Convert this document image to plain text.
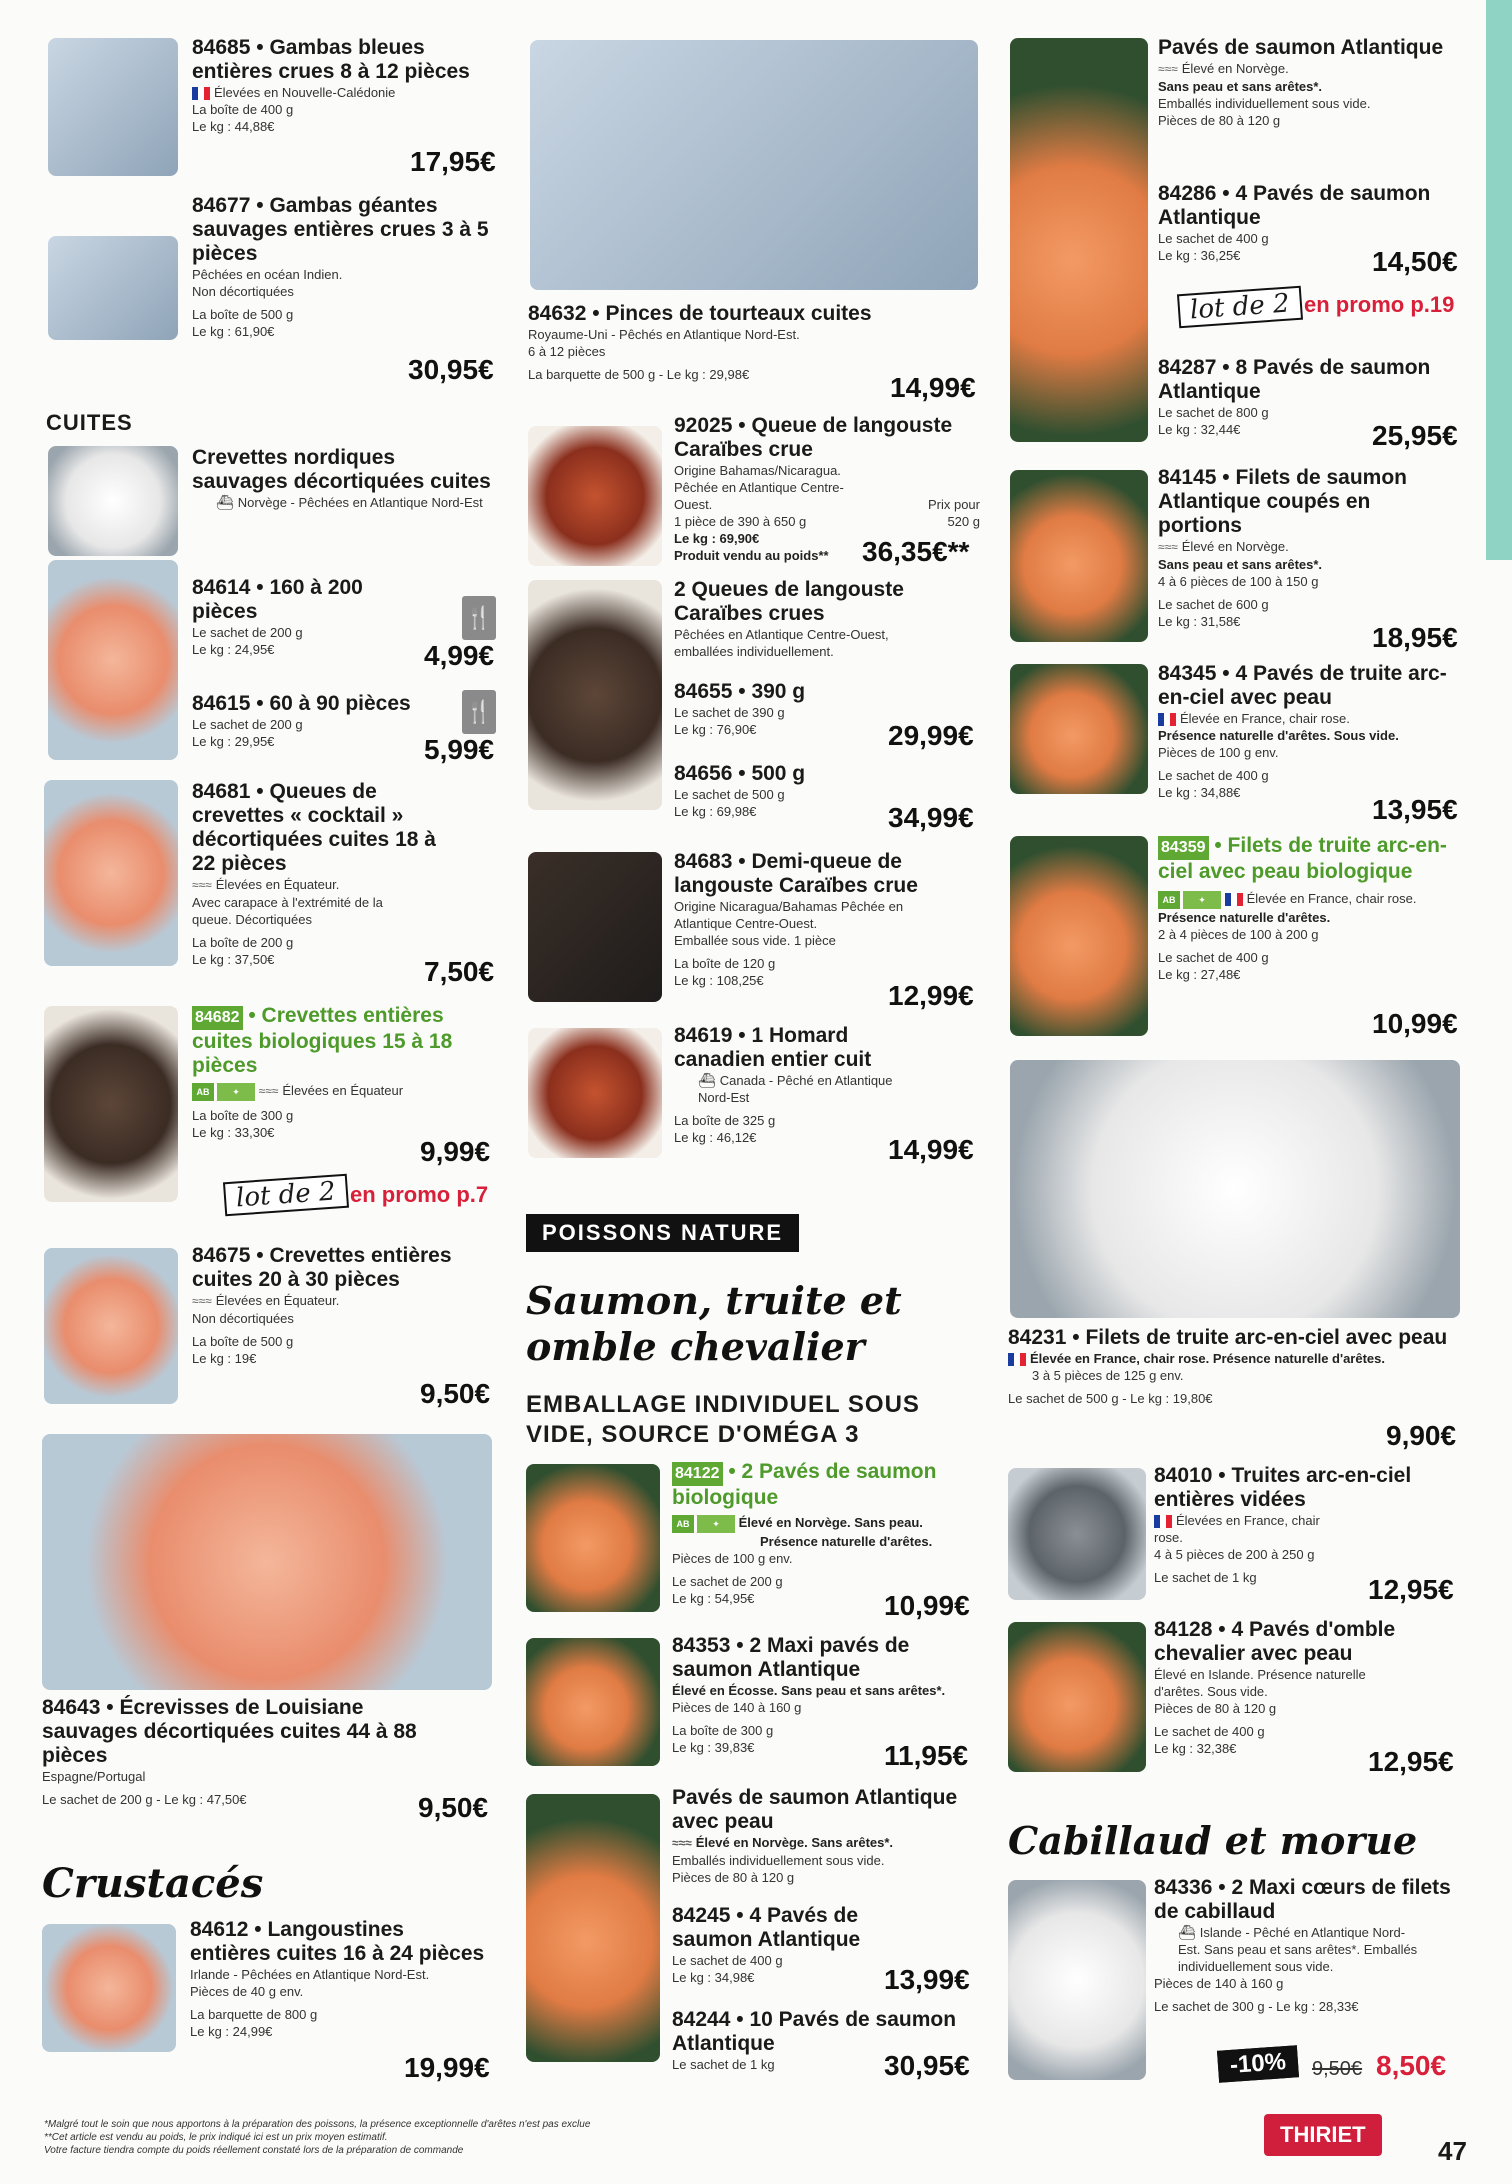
84685 • Gambas bleues entières crues 8 à 12 pièces
Élevées en Nouvelle-Calédonie
La boîte de 400 g
Le kg : 44,88€
17,95€
84677 • Gambas géantes sauvages entières crues 3 à 5 pièces
Pêchées en océan Indien.
Non décortiquées
La boîte de 500 g
Le kg : 61,90€
30,95€
CUITES
Crevettes nordiques sauvages décortiquées cuites
⛴ Norvège - Pêchées en Atlantique Nord-Est
84614 • 160 à 200 pièces
Le sachet de 200 g
Le kg : 24,95€
🍴
4,99€
84615 • 60 à 90 pièces
Le sachet de 200 g
Le kg : 29,95€
🍴
5,99€
84681 • Queues de crevettes « cocktail » décortiquées cuites 18 à 22 pièces
≈≈≈ Élevées en Équateur.
Avec carapace à l'extrémité de la queue. Décortiquées
La boîte de 200 g
Le kg : 37,50€	7,50€
84682 • Crevettes entières cuites biologiques 15 à 18 pièces
AB	✦ ≈≈≈ Élevées en Équateur
La boîte de 300 g
Le kg : 33,30€
9,99€
lot de 2 en promo p.7
84675 • Crevettes entières cuites 20 à 30 pièces
≈≈≈ Élevées en Équateur.
Non décortiquées
La boîte de 500 g
Le kg : 19€
9,50€
84643 • Écrevisses de Louisiane sauvages décortiquées cuites 44 à 88 pièces
Espagne/Portugal
Le sachet de 200 g - Le kg : 47,50€	9,50€
Crustacés
84612 • Langoustines entières cuites 16 à 24 pièces
Irlande - Pêchées en Atlantique Nord-Est.
Pièces de 40 g env.
La barquette de 800 g
Le kg : 24,99€
19,99€
84632 • Pinces de tourteaux cuites
Royaume-Uni - Pêchés en Atlantique Nord-Est.
6 à 12 pièces
La barquette de 500 g - Le kg : 29,98€	14,99€
92025 • Queue de langouste Caraïbes crue
Origine Bahamas/Nicaragua. Pêchée en Atlantique Centre-Ouest.
1 pièce de 390 à 650 g
Le kg : 69,90€
Produit vendu au poids**
Prix pour 520 g
36,35€**
2 Queues de langouste Caraïbes crues
Pêchées en Atlantique Centre-Ouest, emballées individuellement.
84655 • 390 g
Le sachet de 390 g
Le kg : 76,90€	29,99€
84656 • 500 g
Le sachet de 500 g
Le kg : 69,98€	34,99€
84683 • Demi-queue de langouste Caraïbes crue
Origine Nicaragua/Bahamas Pêchée en Atlantique Centre-Ouest.
Emballée sous vide. 1 pièce
La boîte de 120 g
Le kg : 108,25€	12,99€
84619 • 1 Homard canadien entier cuit
⛴ Canada - Pêché en Atlantique Nord-Est
La boîte de 325 g
Le kg : 46,12€	14,99€
POISSONS NATURE
Saumon, truite et omble chevalier
EMBALLAGE INDIVIDUEL SOUS VIDE, SOURCE D'OMÉGA 3
84122 • 2 Pavés de saumon biologique
AB	✦ Élevé en Norvège. Sans peau.
Présence naturelle d'arêtes.
Pièces de 100 g env.
Le sachet de 200 g
Le kg : 54,95€	10,99€
84353 • 2 Maxi pavés de saumon Atlantique
Élevé en Écosse. Sans peau et sans arêtes*.
Pièces de 140 à 160 g
La boîte de 300 g
Le kg : 39,83€	11,95€
Pavés de saumon Atlantique avec peau
≈≈≈ Élevé en Norvège. Sans arêtes*.
Emballés individuellement sous vide.
Pièces de 80 à 120 g
84245 • 4 Pavés de saumon Atlantique
Le sachet de 400 g
Le kg : 34,98€	13,99€
84244 • 10 Pavés de saumon Atlantique
Le sachet de 1 kg	30,95€
Pavés de saumon Atlantique
≈≈≈ Élevé en Norvège.
Sans peau et sans arêtes*.
Emballés individuellement sous vide. Pièces de 80 à 120 g
84286 • 4 Pavés de saumon Atlantique
Le sachet de 400 g
Le kg : 36,25€	14,50€
lot de 2 en promo p.19
84287 • 8 Pavés de saumon Atlantique
Le sachet de 800 g
Le kg : 32,44€	25,95€
84145 • Filets de saumon Atlantique coupés en portions
≈≈≈ Élevé en Norvège.
Sans peau et sans arêtes*.
4 à 6 pièces de 100 à 150 g
Le sachet de 600 g
Le kg : 31,58€
18,95€
84345 • 4 Pavés de truite arc-en-ciel avec peau
Élevée en France, chair rose.
Présence naturelle d'arêtes. Sous vide.
Pièces de 100 g env.
Le sachet de 400 g
Le kg : 34,88€
13,95€
84359 • Filets de truite arc-en-ciel avec peau biologique
AB	✦	Élevée en France, chair rose.
Présence naturelle d'arêtes.
2 à 4 pièces de 100 à 200 g
Le sachet de 400 g
Le kg : 27,48€
10,99€
84231 • Filets de truite arc-en-ciel avec peau
Élevée en France, chair rose. Présence naturelle d'arêtes.
3 à 5 pièces de 125 g env.
Le sachet de 500 g - Le kg : 19,80€
9,90€
84010 • Truites arc-en-ciel entières vidées
Élevées en France, chair rose.
4 à 5 pièces de 200 à 250 g
Le sachet de 1 kg	12,95€
84128 • 4 Pavés d'omble chevalier avec peau
Élevé en Islande. Présence naturelle d'arêtes. Sous vide.
Pièces de 80 à 120 g
Le sachet de 400 g
Le kg : 32,38€	12,95€
Cabillaud et morue
84336 • 2 Maxi cœurs de filets de cabillaud
⛴ Islande - Pêché en Atlantique Nord-Est. Sans peau et sans arêtes*. Emballés individuellement sous vide.
Pièces de 140 à 160 g
Le sachet de 300 g - Le kg : 28,33€
-10%	9,50€ 8,50€
*Malgré tout le soin que nous apportons à la préparation des poissons, la présence exceptionnelle d'arêtes n'est pas exclue
**Cet article est vendu au poids, le prix indiqué ici est un prix moyen estimatif.
Votre facture tiendra compte du poids réellement constaté lors de la préparation de commande
THIRIET
47
